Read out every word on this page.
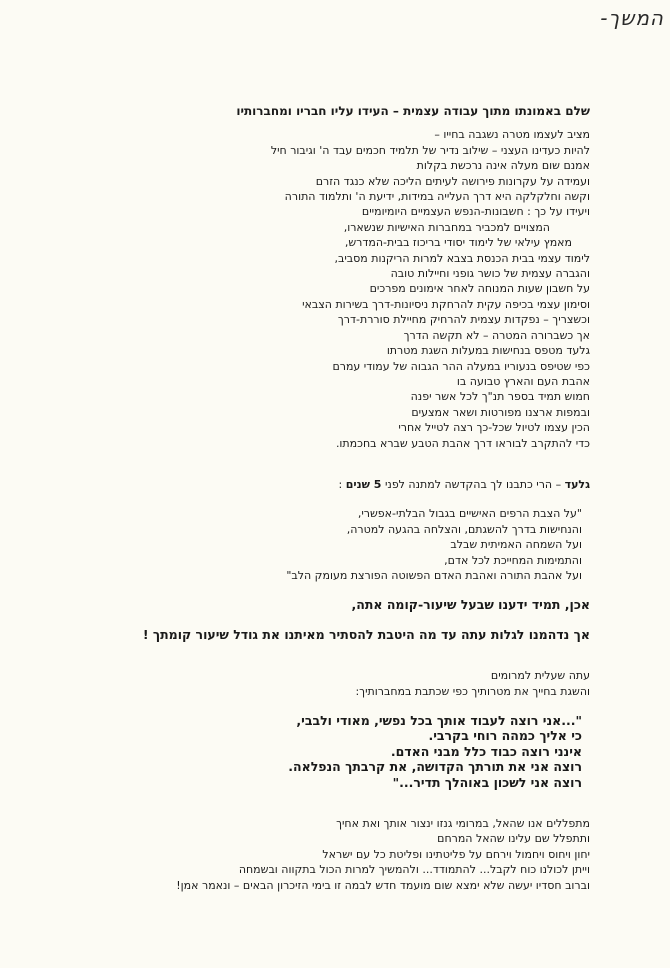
המשך-
שלם באמונתו מתוך עבודה עצמית – העידו עליו חבריו ומחברותיו
מציב לעצמו מטרה נשגבה בחייו –
להיות כעדינו העצני – שילוב נדיר של תלמיד חכמים עבד ה' וגיבור חיל
אמנם שום מעלה אינה נרכשת בקלות
ועמידה על עקרונות פירושה לעיתים הליכה שלא כנגד הזרם
וקשה וחלקלקה היא דרך העלייה במידות, ידיעת ה' ותלמוד התורה
ויעידו על כך : חשבונות-הנפש העצמיים היומיומיים
המצויים למכביר במחברות האישיות שנשארו,
מאמץ עילאי של לימוד יסודי בריכוז בבית-המדרש,
לימוד עצמי בבית הכנסת בצבא למרות הריקנות מסביב,
והגברה עצמית של כושר גופני וחיילות טובה
על חשבון שעות המנוחה לאחר אימונים מפרכים
וסימון עצמי בכיפה עקית להרחקת ניסיונות-דרך בשירות הצבאי
וכשצריך – נפקדות עצמית להרחיק מחיילת סוררת-דרך
אך כשברורה המטרה – לא תקשה הדרך
גלעד מטפס בנחישות במעלות השגת מטרתו
כפי שטיפס בנעוריו במעלה ההר הגבוה של עמודי עמרם
אהבת העם והארץ טבועה בו
חמוש תמיד בספר תנ"ך לכל אשר יפנה
ובמפות ארצנו מפורטות ושאר אמצעים
הכין עצמו לטיול שכל-כך רצה לטייל אחרי
כדי להתקרב לבוראו דרך אהבת הטבע שברא בחכמתו.
גלעד – הרי כתבנו לך בהקדשה למתנה לפני 5 שנים :
"על הצבת הרפים האישיים בגבול הבלתי-אפשרי,
והנחישות בדרך להשגתם, והצלחה בהגעה למטרה,
ועל השמחה האמיתית שבלב
והתמימות המחייכת לכל אדם,
ועל אהבת התורה ואהבת האדם הפשוטה הפורצת מעומק הלב"
אכן, תמיד ידענו שבעל שיעור-קומה אתה,
אך נדהמנו לגלות עתה עד מה היטבת להסתיר מאיתנו את גודל שיעור קומתך !
עתה שעלית למרומים
והשגת בחייך את מטרותיך כפי שכתבת במחברותיך:
"...אני רוצה לעבוד אותך בכל נפשי, מאודי ולבבי,
כי אליך כמהה רוחי בקרבי.
אינני רוצה כבוד כלל מבני האדם.
רוצה אני את תורתך הקדושה, את קרבתך הנפלאה.
רוצה אני לשכון באוהלך תדיר..."
מתפללים אנו שהאל, במרומי גנזו ינצור אותך ואת אחיך
ותתפלל שם עלינו שהאל המרחם
יחון ויחוס ויחמול וירחם על פליטתינו ופליטת כל עם ישראל
וייתן לכולנו כוח לקבל... להתמודד... ולהמשיך למרות הכול בתקווה ובשמחה
וברוב חסדיו יעשה שלא ימצא שום מועמד חדש לבמה זו בימי הזיכרון הבאים – ונאמר אמן!
